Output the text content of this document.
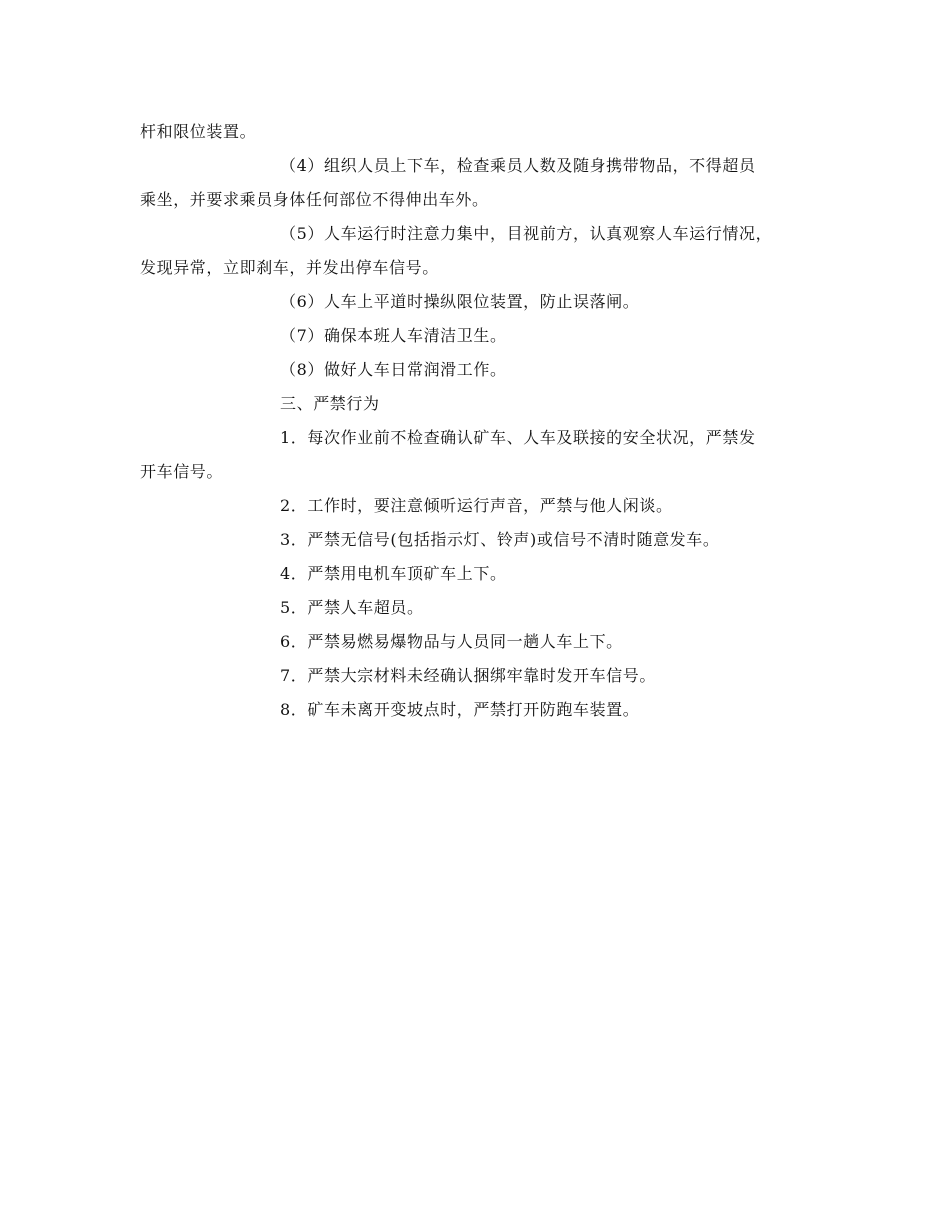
杆和限位装置。

（4）组织人员上下车，检查乘员人数及随身携带物品，不得超员

乘坐，并要求乘员身体任何部位不得伸出车外。

（5）人车运行时注意力集中，目视前方，认真观察人车运行情况，

发现异常，立即刹车，并发出停车信号。

（6）人车上平道时操纵限位装置，防止误落闸。

（7）确保本班人车清洁卫生。

（8）做好人车日常润滑工作。

三、严禁行为

1．每次作业前不检查确认矿车、人车及联接的安全状况，严禁发

开车信号。

2．工作时，要注意倾听运行声音，严禁与他人闲谈。

3．严禁无信号(包括指示灯、铃声)或信号不清时随意发车。

4．严禁用电机车顶矿车上下。

5．严禁人车超员。

6．严禁易燃易爆物品与人员同一趟人车上下。

7．严禁大宗材料未经确认捆绑牢靠时发开车信号。

8．矿车未离开变坡点时，严禁打开防跑车装置。
